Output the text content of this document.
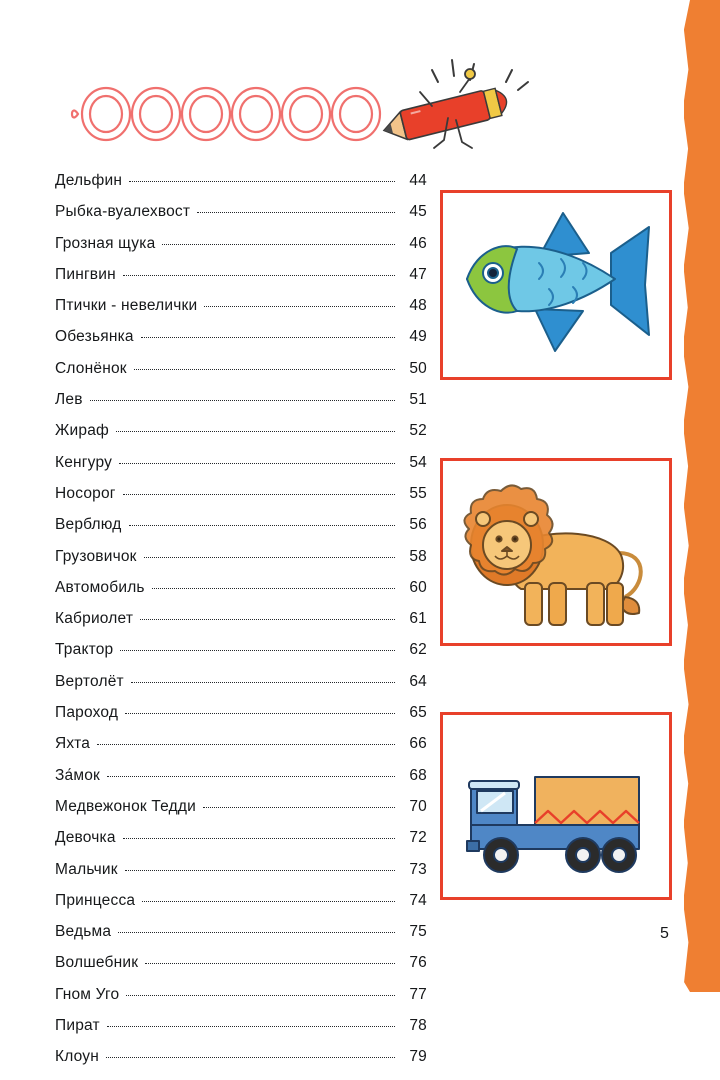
Дельфин	44
Рыбка-вуалехвост	45
Грозная щука	46
Пингвин	47
Птички - невелички	48
Обезьянка	49
Слонёнок	50
Лев	51
Жираф	52
Кенгуру	54
Носорог	55
Верблюд	56
Грузовичок	58
Автомобиль	60
Кабриолет	61
Трактор	62
Вертолёт	64
Пароход	65
Яхта	66
За́мок	68
Медвежонок Тедди	70
Девочка	72
Мальчик	73
Принцесса	74
Ведьма	75
Волшебник	76
Гном Уго	77
Пират	78
Клоун	79
5
